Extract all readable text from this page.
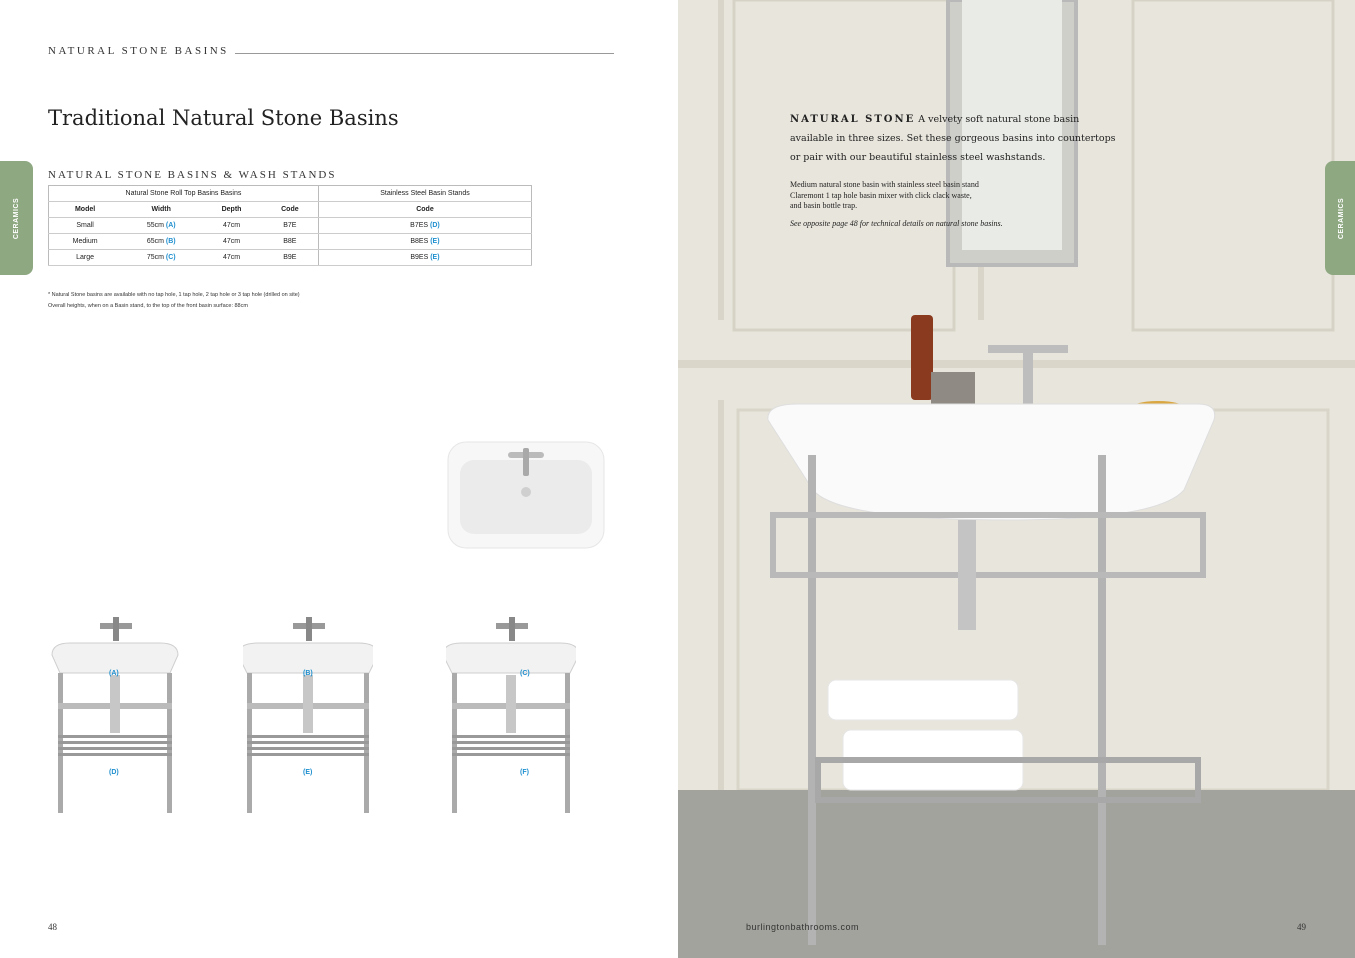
NATURAL STONE BASINS
Traditional Natural Stone Basins
NATURAL STONE BASINS & WASH STANDS
CERAMICS
Natural Stone Roll Top Basins Basins				Stainless Steel Basin Stands
Model	Width	Depth	Code	Code
Small	55cm (A)	47cm	B7E	B7ES (D)
Medium	65cm (B)	47cm	B8E	B8ES (E)
Large	75cm (C)	47cm	B9E	B9ES (E)
* Natural Stone basins are available with no tap hole, 1 tap hole, 2 tap hole or 3 tap hole (drilled on site)
Overall heights, when on a Basin stand, to the top of the front basin surface: 88cm
(A)	(B)	(C)
(D)	(E)	(F)
48
CERAMICS
NATURAL STONE A velvety soft natural stone basin available in three sizes. Set these gorgeous basins into countertops or pair with our beautiful stainless steel washstands.
Medium natural stone basin with stainless steel basin stand
Claremont 1 tap hole basin mixer with click clack waste,
and basin bottle trap.
See opposite page 48 for technical details on natural stone basins.
burlingtonbathrooms.com	49
